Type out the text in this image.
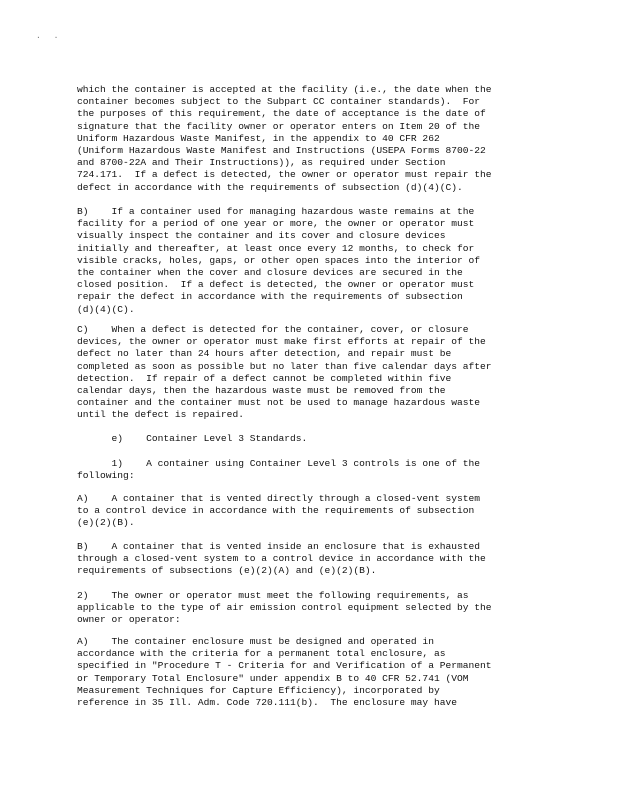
. .
which the container is accepted at the facility (i.e., the date when the
container becomes subject to the Subpart CC container standards).  For
the purposes of this requirement, the date of acceptance is the date of
signature that the facility owner or operator enters on Item 20 of the
Uniform Hazardous Waste Manifest, in the appendix to 40 CFR 262
(Uniform Hazardous Waste Manifest and Instructions (USEPA Forms 8700-22
and 8700-22A and Their Instructions)), as required under Section
724.171.  If a defect is detected, the owner or operator must repair the
defect in accordance with the requirements of subsection (d)(4)(C).
B)    If a container used for managing hazardous waste remains at the
facility for a period of one year or more, the owner or operator must
visually inspect the container and its cover and closure devices
initially and thereafter, at least once every 12 months, to check for
visible cracks, holes, gaps, or other open spaces into the interior of
the container when the cover and closure devices are secured in the
closed position.  If a defect is detected, the owner or operator must
repair the defect in accordance with the requirements of subsection
(d)(4)(C).
C)    When a defect is detected for the container, cover, or closure
devices, the owner or operator must make first efforts at repair of the
defect no later than 24 hours after detection, and repair must be
completed as soon as possible but no later than five calendar days after
detection.  If repair of a defect cannot be completed within five
calendar days, then the hazardous waste must be removed from the
container and the container must not be used to manage hazardous waste
until the defect is repaired.
e)    Container Level 3 Standards.
1)    A container using Container Level 3 controls is one of the
following:
A)    A container that is vented directly through a closed-vent system
to a control device in accordance with the requirements of subsection
(e)(2)(B).
B)    A container that is vented inside an enclosure that is exhausted
through a closed-vent system to a control device in accordance with the
requirements of subsections (e)(2)(A) and (e)(2)(B).
2)    The owner or operator must meet the following requirements, as
applicable to the type of air emission control equipment selected by the
owner or operator:
A)    The container enclosure must be designed and operated in
accordance with the criteria for a permanent total enclosure, as
specified in "Procedure T - Criteria for and Verification of a Permanent
or Temporary Total Enclosure" under appendix B to 40 CFR 52.741 (VOM
Measurement Techniques for Capture Efficiency), incorporated by
reference in 35 Ill. Adm. Code 720.111(b).  The enclosure may have
